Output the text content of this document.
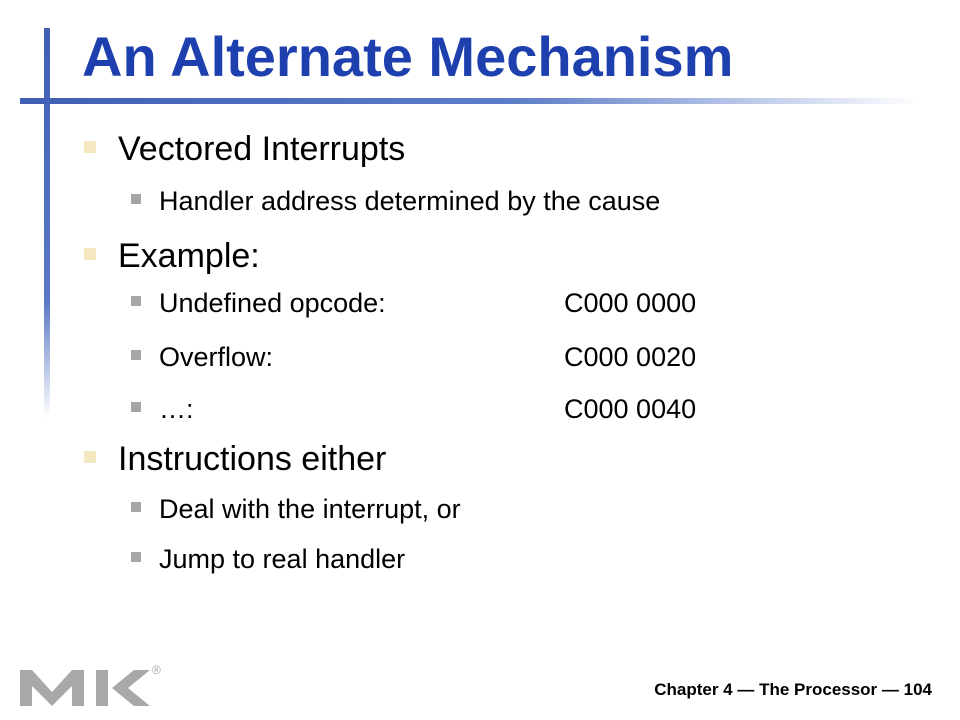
An Alternate Mechanism
Vectored Interrupts
Handler address determined by the cause
Example:
Undefined opcode:	C000 0000
Overflow:	C000 0020
…:	C000 0040
Instructions either
Deal with the interrupt, or
Jump to real handler
®
Chapter 4 — The Processor — 104
